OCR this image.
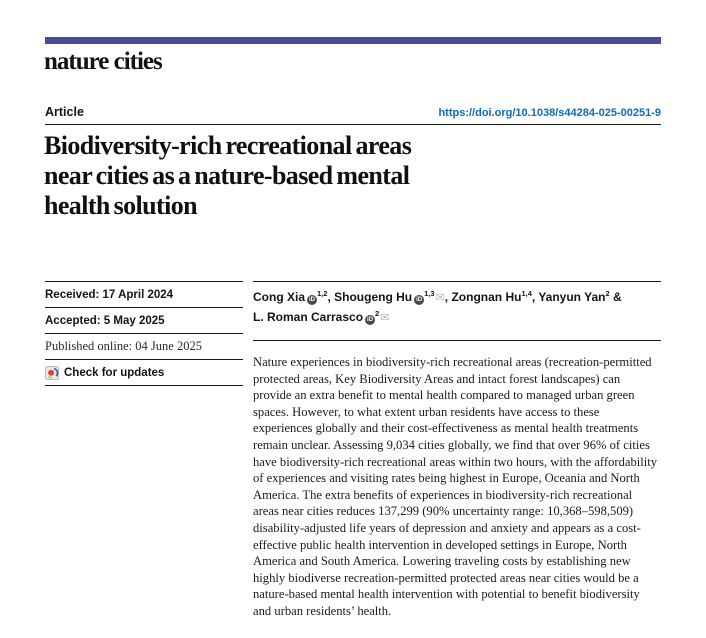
nature cities
Article	https://doi.org/10.1038/s44284-025-00251-9
Biodiversity-rich recreational areas
near cities as a nature-based mental
health solution
Received: 17 April 2024
Accepted: 5 May 2025
Published online: 04 June 2025
Check for updates
Cong Xia iD$^{1,2}$, Shougeng Hu iD$^{1,3}$✉, Zongnan Hu$^{1,4}$, Yanyun Yan$^2$ & L. Roman Carrasco $iD^2✉$

Nature experiences in biodiversity-rich recreational areas (recreation-permitted protected areas, Key Biodiversity Areas and intact forest landscapes) can provide an extra benefit to mental health compared to managed urban green spaces. However, to what extent urban residents have access to these experiences globally and their cost-effectiveness as mental health treatments remain unclear. Assessing 9,034 cities globally, we find that over 96% of cities have biodiversity-rich recreational areas within two hours, with the affordability of experiences and visiting rates being highest in Europe, Oceania and North America. The extra benefits of experiences in biodiversity-rich recreational areas near cities reduces 137,299 (90% uncertainty range: 10,368–598,509) disability-adjusted life years of depression and anxiety and appears as a cost-effective public health intervention in developed settings in Europe, North America and South America. Lowering traveling costs by establishing new highly biodiverse recreation-permitted protected areas near cities would be a nature-based mental health intervention with potential to benefit biodiversity and urban residents’ health.
